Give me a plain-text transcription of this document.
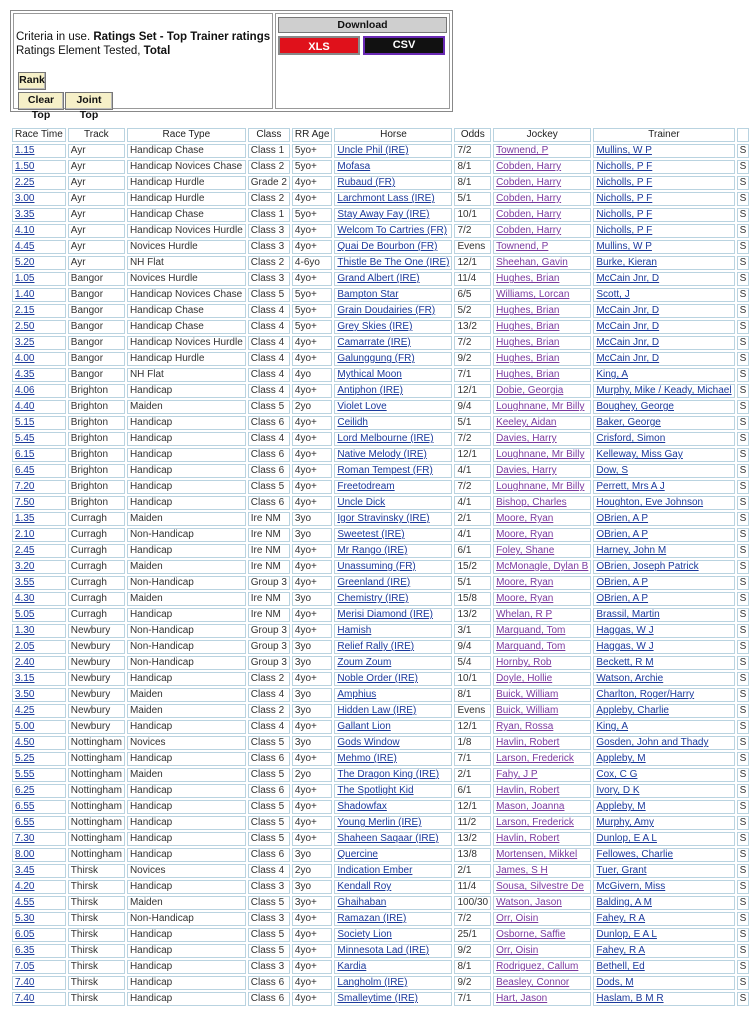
Criteria in use. Ratings Set - Top Trainer ratings
Ratings Element Tested, Total
Rank
Clear Top
Joint Top
Download
XLS	CSV
Race Time	Track	Race Type	Class	RR Age	Horse	Odds	Jockey	Trainer	
1.15	Ayr	Handicap Chase	Class 1	5yo+	Uncle Phil (IRE)	7/2	Townend, P	Mullins, W P	S
1.50	Ayr	Handicap Novices Chase	Class 2	5yo+	Mofasa	8/1	Cobden, Harry	Nicholls, P F	S
2.25	Ayr	Handicap Hurdle	Grade 2	4yo+	Rubaud (FR)	8/1	Cobden, Harry	Nicholls, P F	S
3.00	Ayr	Handicap Hurdle	Class 2	4yo+	Larchmont Lass (IRE)	5/1	Cobden, Harry	Nicholls, P F	S
3.35	Ayr	Handicap Chase	Class 1	5yo+	Stay Away Fay (IRE)	10/1	Cobden, Harry	Nicholls, P F	S
4.10	Ayr	Handicap Novices Hurdle	Class 3	4yo+	Welcom To Cartries (FR)	7/2	Cobden, Harry	Nicholls, P F	S
4.45	Ayr	Novices Hurdle	Class 3	4yo+	Quai De Bourbon (FR)	Evens	Townend, P	Mullins, W P	S
5.20	Ayr	NH Flat	Class 2	4-6yo	Thistle Be The One (IRE)	12/1	Sheehan, Gavin	Burke, Kieran	S
1.05	Bangor	Novices Hurdle	Class 3	4yo+	Grand Albert (IRE)	11/4	Hughes, Brian	McCain Jnr, D	S
1.40	Bangor	Handicap Novices Chase	Class 5	5yo+	Bampton Star	6/5	Williams, Lorcan	Scott, J	S
2.15	Bangor	Handicap Chase	Class 4	5yo+	Grain Doudairies (FR)	5/2	Hughes, Brian	McCain Jnr, D	S
2.50	Bangor	Handicap Chase	Class 4	5yo+	Grey Skies (IRE)	13/2	Hughes, Brian	McCain Jnr, D	S
3.25	Bangor	Handicap Novices Hurdle	Class 4	4yo+	Camarrate (IRE)	7/2	Hughes, Brian	McCain Jnr, D	S
4.00	Bangor	Handicap Hurdle	Class 4	4yo+	Galunggung (FR)	9/2	Hughes, Brian	McCain Jnr, D	S
4.35	Bangor	NH Flat	Class 4	4yo	Mythical Moon	7/1	Hughes, Brian	King, A	S
4.06	Brighton	Handicap	Class 4	4yo+	Antiphon (IRE)	12/1	Dobie, Georgia	Murphy, Mike / Keady, Michael	S
4.40	Brighton	Maiden	Class 5	2yo	Violet Love	9/4	Loughnane, Mr Billy	Boughey, George	S
5.15	Brighton	Handicap	Class 6	4yo+	Ceilidh	5/1	Keeley, Aidan	Baker, George	S
5.45	Brighton	Handicap	Class 4	4yo+	Lord Melbourne (IRE)	7/2	Davies, Harry	Crisford, Simon	S
6.15	Brighton	Handicap	Class 6	4yo+	Native Melody (IRE)	12/1	Loughnane, Mr Billy	Kelleway, Miss Gay	S
6.45	Brighton	Handicap	Class 6	4yo+	Roman Tempest (FR)	4/1	Davies, Harry	Dow, S	S
7.20	Brighton	Handicap	Class 5	4yo+	Freetodream	7/2	Loughnane, Mr Billy	Perrett, Mrs A J	S
7.50	Brighton	Handicap	Class 6	4yo+	Uncle Dick	4/1	Bishop, Charles	Houghton, Eve Johnson	S
1.35	Curragh	Maiden	Ire NM	3yo	Igor Stravinsky (IRE)	2/1	Moore, Ryan	OBrien, A P	S
2.10	Curragh	Non-Handicap	Ire NM	3yo	Sweetest (IRE)	4/1	Moore, Ryan	OBrien, A P	S
2.45	Curragh	Handicap	Ire NM	4yo+	Mr Rango (IRE)	6/1	Foley, Shane	Harney, John M	S
3.20	Curragh	Maiden	Ire NM	4yo+	Unassuming (FR)	15/2	McMonagle, Dylan B	OBrien, Joseph Patrick	S
3.55	Curragh	Non-Handicap	Group 3	4yo+	Greenland (IRE)	5/1	Moore, Ryan	OBrien, A P	S
4.30	Curragh	Maiden	Ire NM	3yo	Chemistry (IRE)	15/8	Moore, Ryan	OBrien, A P	S
5.05	Curragh	Handicap	Ire NM	4yo+	Merisi Diamond (IRE)	13/2	Whelan, R P	Brassil, Martin	S
1.30	Newbury	Non-Handicap	Group 3	4yo+	Hamish	3/1	Marquand, Tom	Haggas, W J	S
2.05	Newbury	Non-Handicap	Group 3	3yo	Relief Rally (IRE)	9/4	Marquand, Tom	Haggas, W J	S
2.40	Newbury	Non-Handicap	Group 3	3yo	Zoum Zoum	5/4	Hornby, Rob	Beckett, R M	S
3.15	Newbury	Handicap	Class 2	4yo+	Noble Order (IRE)	10/1	Doyle, Hollie	Watson, Archie	S
3.50	Newbury	Maiden	Class 4	3yo	Amphius	8/1	Buick, William	Charlton, Roger/Harry	S
4.25	Newbury	Maiden	Class 2	3yo	Hidden Law (IRE)	Evens	Buick, William	Appleby, Charlie	S
5.00	Newbury	Handicap	Class 4	4yo+	Gallant Lion	12/1	Ryan, Rossa	King, A	S
4.50	Nottingham	Novices	Class 5	3yo	Gods Window	1/8	Havlin, Robert	Gosden, John and Thady	S
5.25	Nottingham	Handicap	Class 6	4yo+	Mehmo (IRE)	7/1	Larson, Frederick	Appleby, M	S
5.55	Nottingham	Maiden	Class 5	2yo	The Dragon King (IRE)	2/1	Fahy, J P	Cox, C G	S
6.25	Nottingham	Handicap	Class 6	4yo+	The Spotlight Kid	6/1	Havlin, Robert	Ivory, D K	S
6.55	Nottingham	Handicap	Class 5	4yo+	Shadowfax	12/1	Mason, Joanna	Appleby, M	S
6.55	Nottingham	Handicap	Class 5	4yo+	Young Merlin (IRE)	11/2	Larson, Frederick	Murphy, Amy	S
7.30	Nottingham	Handicap	Class 5	4yo+	Shaheen Saqaar (IRE)	13/2	Havlin, Robert	Dunlop, E A L	S
8.00	Nottingham	Handicap	Class 6	3yo	Quercine	13/8	Mortensen, Mikkel	Fellowes, Charlie	S
3.45	Thirsk	Novices	Class 4	2yo	Indication Ember	2/1	James, S H	Tuer, Grant	S
4.20	Thirsk	Handicap	Class 3	3yo	Kendall Roy	11/4	Sousa, Silvestre De	McGivern, Miss	S
4.55	Thirsk	Maiden	Class 5	3yo+	Ghaihaban	100/30	Watson, Jason	Balding, A M	S
5.30	Thirsk	Non-Handicap	Class 3	4yo+	Ramazan (IRE)	7/2	Orr, Oisin	Fahey, R A	S
6.05	Thirsk	Handicap	Class 5	4yo+	Society Lion	25/1	Osborne, Saffie	Dunlop, E A L	S
6.35	Thirsk	Handicap	Class 5	4yo+	Minnesota Lad (IRE)	9/2	Orr, Oisin	Fahey, R A	S
7.05	Thirsk	Handicap	Class 3	4yo+	Kardia	8/1	Rodriguez, Callum	Bethell, Ed	S
7.40	Thirsk	Handicap	Class 6	4yo+	Langholm (IRE)	9/2	Beasley, Connor	Dods, M	S
7.40	Thirsk	Handicap	Class 6	4yo+	Smalleytime (IRE)	7/1	Hart, Jason	Haslam, B M R	S
